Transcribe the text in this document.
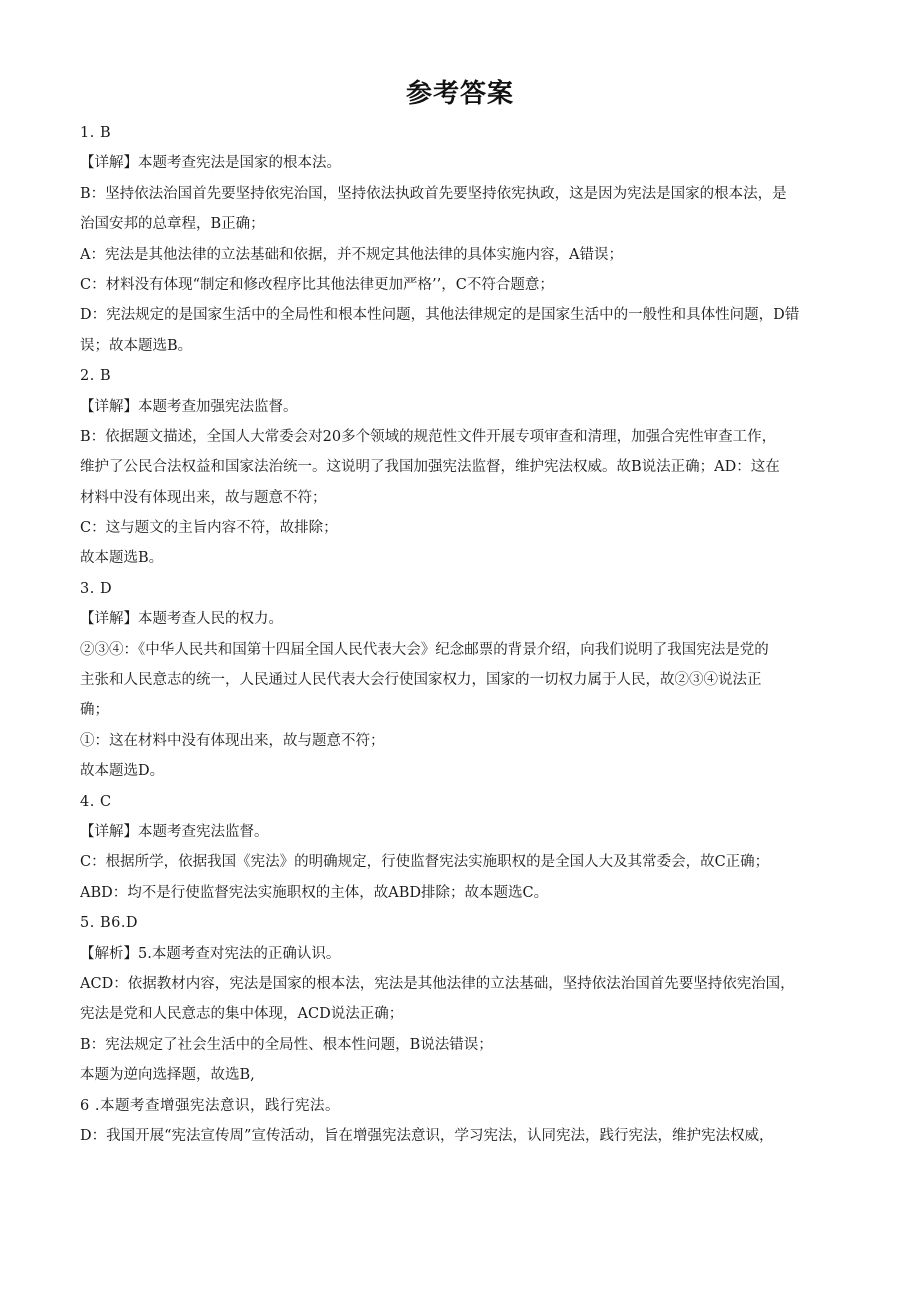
参考答案
1. B
【详解】本题考查宪法是国家的根本法。
B：坚持依法治国首先要坚持依宪治国，坚持依法执政首先要坚持依宪执政，这是因为宪法是国家的根本法，是
治国安邦的总章程，B正确；
A：宪法是其他法律的立法基础和依据，并不规定其他法律的具体实施内容，A错误；
C：材料没有体现“制定和修改程序比其他法律更加严格’’，C不符合题意；
D：宪法规定的是国家生活中的全局性和根本性问题，其他法律规定的是国家生活中的一般性和具体性问题，D错
误；故本题选B。
2. B
【详解】本题考查加强宪法监督。
B：依据题文描述，全国人大常委会对20多个领域的规范性文件开展专项审查和清理，加强合宪性审查工作，
维护了公民合法权益和国家法治统一。这说明了我国加强宪法监督，维护宪法权威。故B说法正确；AD：这在
材料中没有体现出来，故与题意不符；
C：这与题文的主旨内容不符，故排除；
故本题选B。
3. D
【详解】本题考查人民的权力。
②③④：《中华人民共和国第十四届全国人民代表大会》纪念邮票的背景介绍，向我们说明了我国宪法是党的
主张和人民意志的统一，人民通过人民代表大会行使国家权力，国家的一切权力属于人民，故②③④说法正
确；
①：这在材料中没有体现出来，故与题意不符；
故本题选D。
4. C
【详解】本题考查宪法监督。
C：根据所学，依据我国《宪法》的明确规定，行使监督宪法实施职权的是全国人大及其常委会，故C正确；
ABD：均不是行使监督宪法实施职权的主体，故ABD排除；故本题选C。
5. B6.D
【解析】5.本题考查对宪法的正确认识。
ACD：依据教材内容，宪法是国家的根本法，宪法是其他法律的立法基础，坚持依法治国首先要坚持依宪治国，
宪法是党和人民意志的集中体现，ACD说法正确；
B：宪法规定了社会生活中的全局性、根本性问题，B说法错误；
本题为逆向选择题，故选B,
6 .本题考查增强宪法意识，践行宪法。
D：我国开展“宪法宣传周”宣传活动，旨在增强宪法意识，学习宪法，认同宪法，践行宪法，维护宪法权威，
